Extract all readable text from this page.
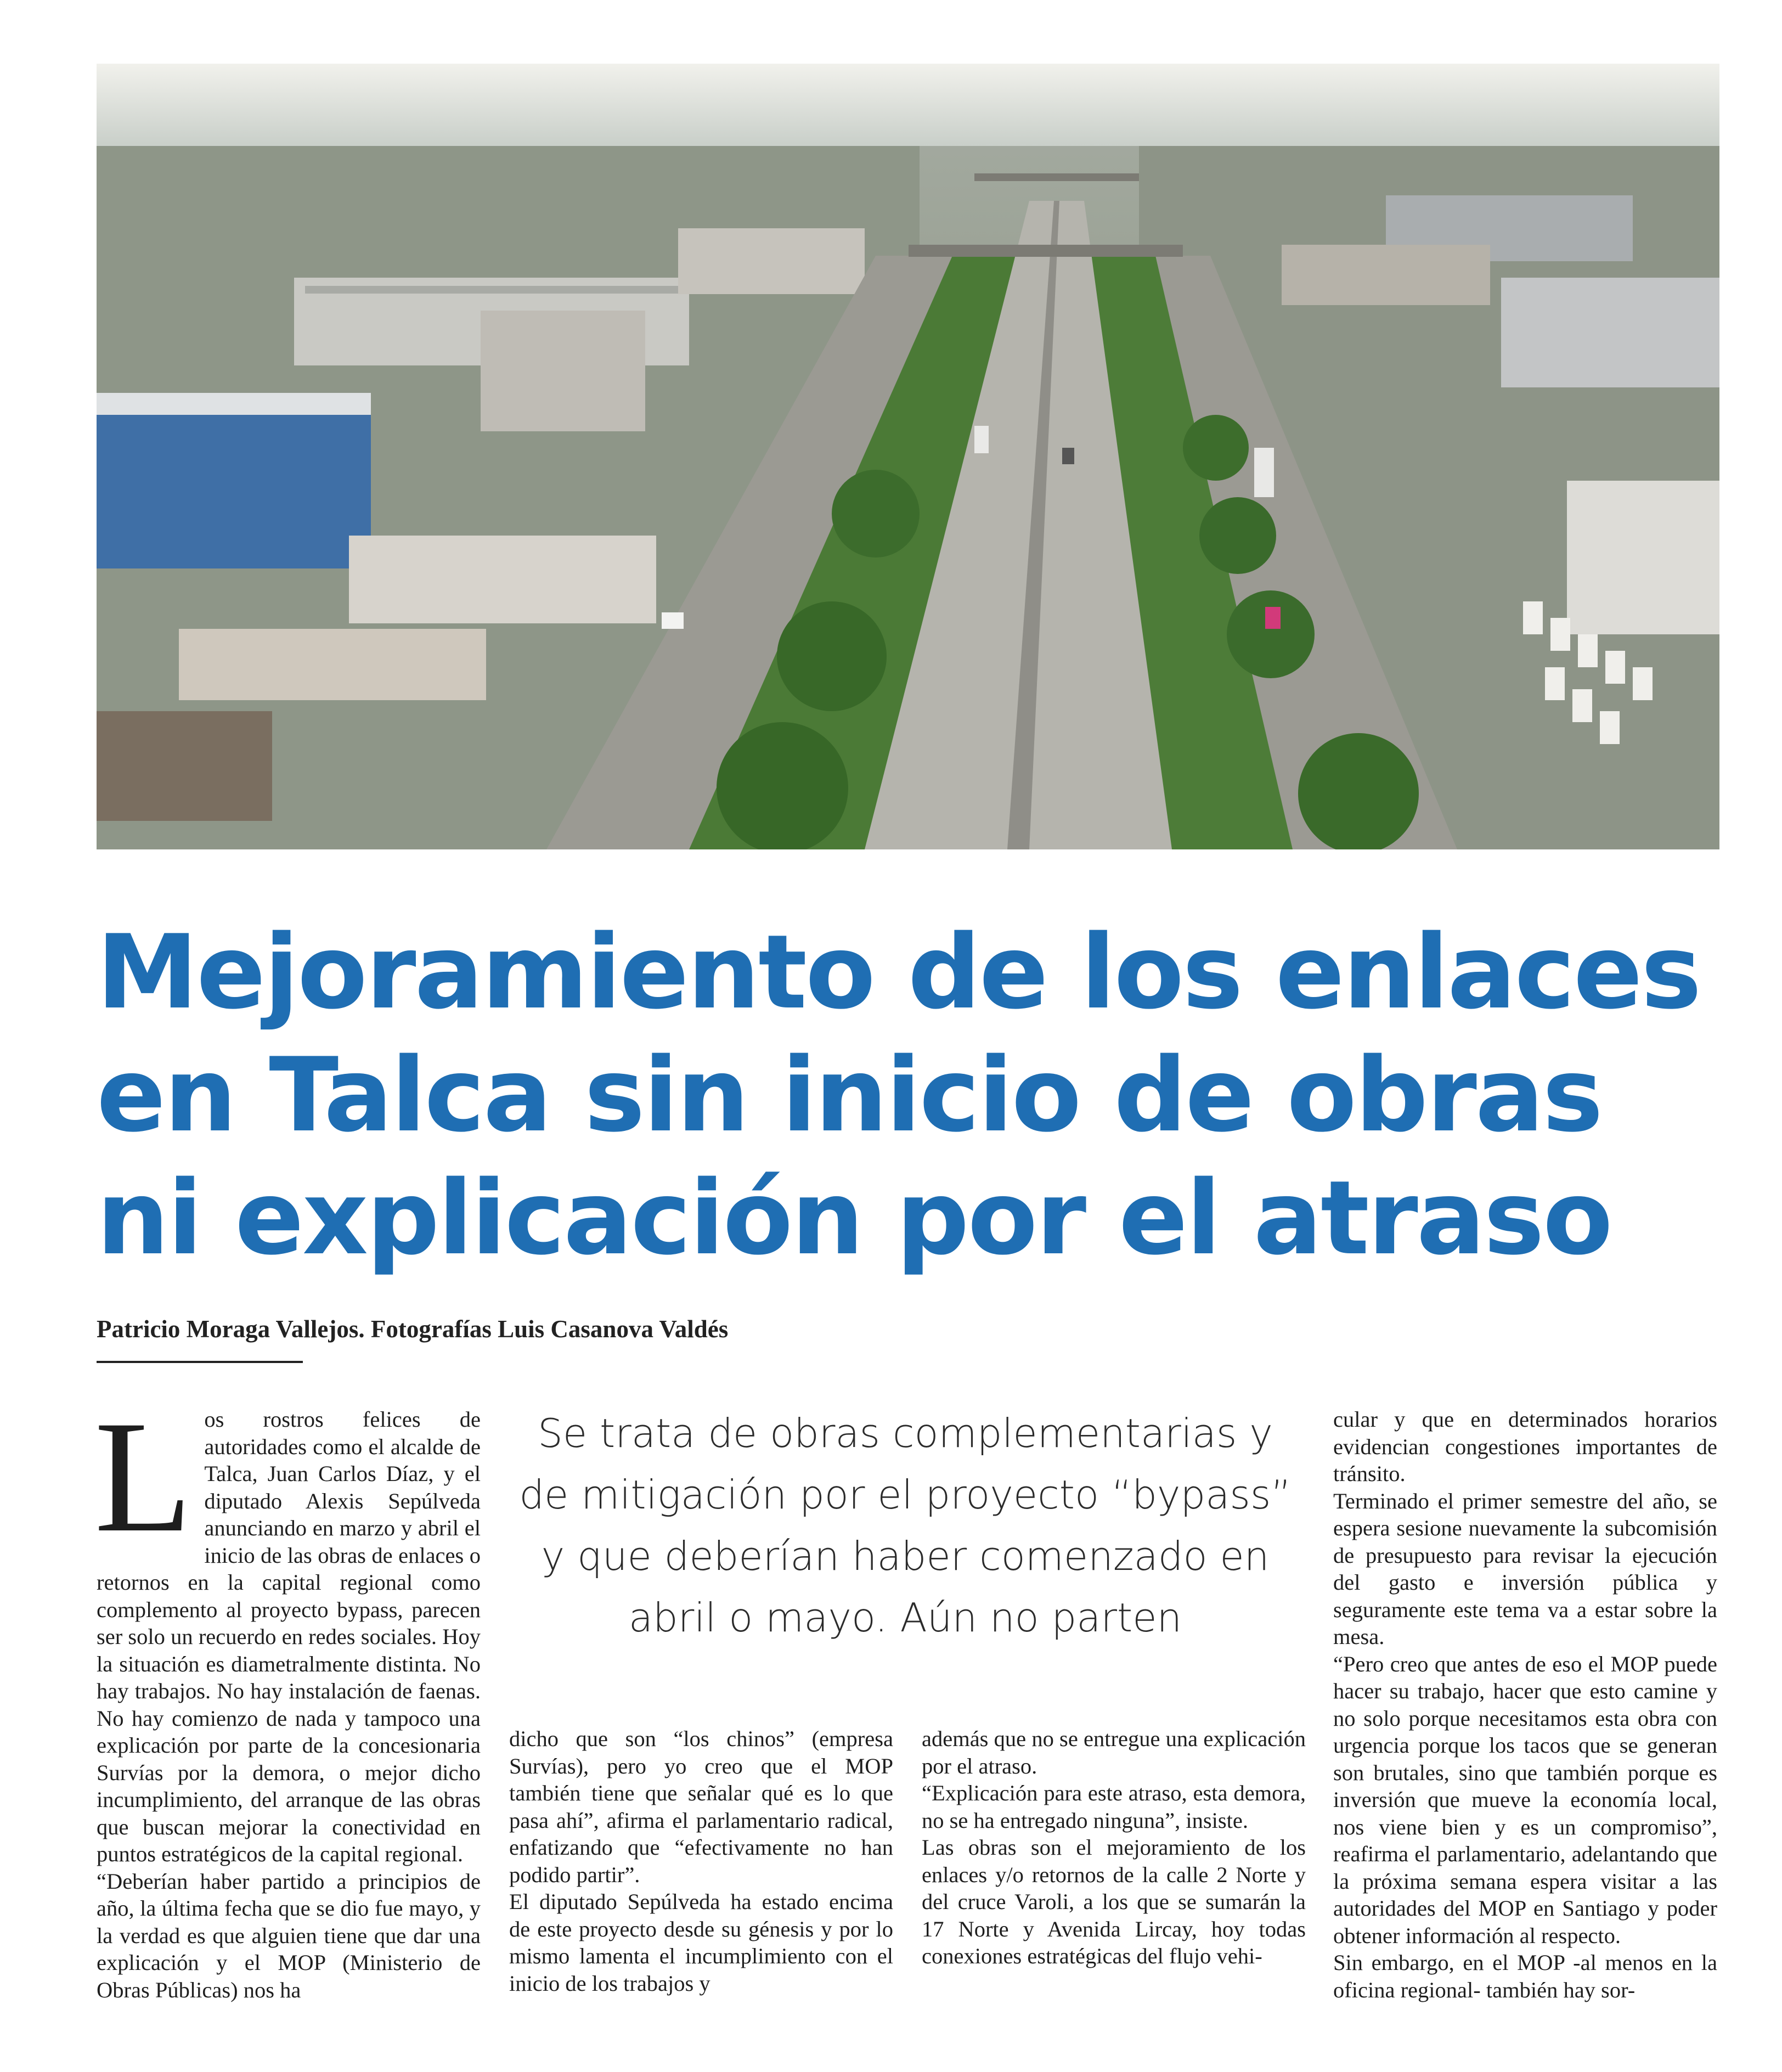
Mejoramiento de los enlaces en Talca sin inicio de obras ni explicación por el atraso
Patricio Moraga Vallejos. Fotografías Luis Casanova Valdés
L os rostros felices de autoridades como el alcalde de Talca, Juan Carlos Díaz, y el diputado Alexis Sepúlveda anunciando en marzo y abril el inicio de las obras de enlaces o retornos en la capital regional como complemento al proyecto bypass, parecen ser solo un recuerdo en redes sociales. Hoy la situación es diametralmente distinta. No hay trabajos. No hay instalación de faenas. No hay comienzo de nada y tampoco una explicación por parte de la concesionaria Survías por la demora, o mejor dicho incumplimiento, del arranque de las obras que buscan mejorar la conectividad en puntos estratégicos de la capital regional.

“Deberían haber partido a principios de año, la última fecha que se dio fue mayo, y la verdad es que alguien tiene que dar una explicación y el MOP (Ministerio de Obras Públicas) nos ha

Se trata de obras complementarias y de mitigación por el proyecto “bypass” y que deberían haber comenzado en abril o mayo. Aún no parten

dicho que son “los chinos” (empresa Survías), pero yo creo que el MOP también tiene que señalar qué es lo que pasa ahí”, afirma el parlamentario radical, enfatizando que “efectivamente no han podido partir”.

El diputado Sepúlveda ha estado encima de este proyecto desde su génesis y por lo mismo lamenta el incumplimiento con el inicio de los trabajos y

además que no se entregue una explicación por el atraso.

“Explicación para este atraso, esta demora, no se ha entregado ninguna”, insiste.

Las obras son el mejoramiento de los enlaces y/o retornos de la calle 2 Norte y del cruce Varoli, a los que se sumarán la 17 Norte y Avenida Lircay, hoy todas conexiones estratégicas del flujo vehi-

cular y que en determinados horarios evidencian congestiones importantes de tránsito.

Terminado el primer semestre del año, se espera sesione nuevamente la subcomisión de presupuesto para revisar la ejecución del gasto e inversión pública y seguramente este tema va a estar sobre la mesa.

“Pero creo que antes de eso el MOP puede hacer su trabajo, hacer que esto camine y no solo porque necesitamos esta obra con urgencia porque los tacos que se generan son brutales, sino que también porque es inversión que mueve la economía local, nos viene bien y es un compromiso”, reafirma el parlamentario, adelantando que la próxima semana espera visitar a las autoridades del MOP en Santiago y poder obtener información al respecto.

Sin embargo, en el MOP -al menos en la oficina regional- también hay sor-
